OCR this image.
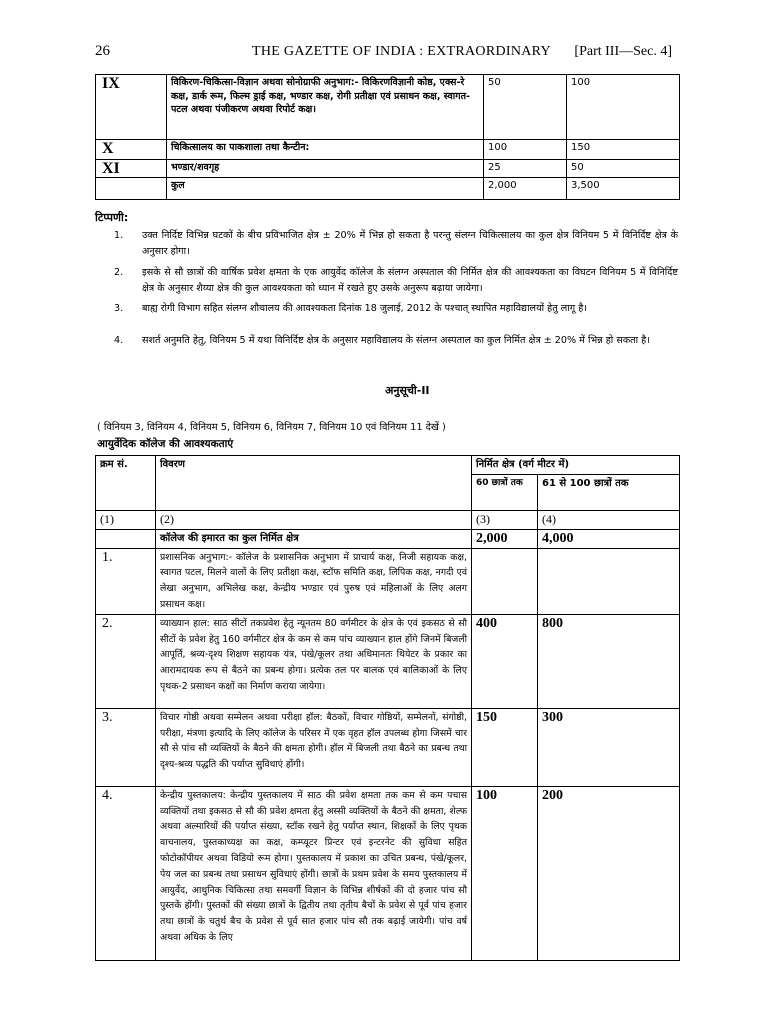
26	THE GAZETTE OF INDIA : EXTRAORDINARY [Part III—Sec. 4]
IX	विकिरण-चिकित्सा-विज्ञान अथवा सोनोग्राफी अनुभाग:- विकिरणविज्ञानी कोष्ठ, एक्स-रे कक्ष, डार्क रूम, फिल्म ड्राई कक्ष, भण्डार कक्ष, रोगी प्रतीक्षा एवं प्रसाधन कक्ष, स्वागत-पटल अथवा पंजीकरण अथवा रिपोर्ट कक्ष।	50	100
X	चिकित्सालय का पाकशाला तथा कैन्टीन:	100	150
XI	भण्डार/शवगृह	25	50
	कुल	2,000	3,500
टिप्पणी:
1. उक्त निर्दिष्ट विभिन्न घटकों के बीच प्रविभाजित क्षेत्र ± 20% में भिन्न हो सकता है परन्तु संलग्न चिकित्सालय का कुल क्षेत्र विनियम 5 में विनिर्दिष्ट क्षेत्र के अनुसार होगा।
2. इसके से सौ छात्रों की वार्षिक प्रवेश क्षमता के एक आयुर्वेद कॉलेज के संलग्न अस्पताल की निर्मित क्षेत्र की आवश्यकता का विघटन विनियम 5 में विनिर्दिष्ट क्षेत्र के अनुसार शैय्या क्षेत्र की कुल आवश्यकता को ध्यान में रखते हुए उसके अनुरूप बढ़ाया जायेगा।
3. बाह्य रोगी विभाग सहित संलग्न शौचालय की आवश्यकता दिनांक 18 जुलाई, 2012 के पश्चात् स्थापित महाविद्यालयों हेतु लागू है।
4. सशर्त अनुमति हेतु, विनियम 5 में यथा विनिर्दिष्ट क्षेत्र के अनुसार महाविद्यालय के संलग्न अस्पताल का कुल निर्मित क्षेत्र ± 20% में भिन्न हो सकता है।
अनुसूची-II
( विनियम 3, विनियम 4, विनियम 5, विनियम 6, विनियम 7, विनियम 10 एवं विनियम 11 देखें )
आयुर्वेदिक कॉलेज की आवश्यकताएं
क्रम सं.	विवरण	निर्मित क्षेत्र (वर्ग मीटर में)	
		60 छात्रों तक	61 से 100 छात्रों तक
(1)	(2)	(3)	(4)
	कॉलेज की इमारत का कुल निर्मित क्षेत्र	2,000	4,000
1.	प्रशासनिक अनुभाग:- कॉलेज के प्रशासनिक अनुभाग में प्राचार्य कक्ष, निजी सहायक कक्ष, स्वागत पटल, मिलने वालों के लिए प्रतीक्षा कक्ष, स्टॉफ समिति कक्ष, लिपिक कक्ष, नगदी एवं लेखा अनुभाग, अभिलेख कक्ष, केन्द्रीय भण्डार एवं पुरुष एवं महिलाओं के लिए अलग प्रसाधन कक्ष।		
2.	व्याख्यान हाल: साठ सीटों तकप्रवेश हेतु न्यूनतम 80 वर्गमीटर के क्षेत्र के एवं इकसठ से सौ सीटों के प्रवेश हेतु 160 वर्गमीटर क्षेत्र के कम से कम पांच व्याख्यान हाल होंगे जिनमें बिजली आपूर्ति, श्रव्य-दृश्य शिक्षण सहायक यंत्र, पंखे/कूलर तथा अधिमानतः थियेटर के प्रकार का आरामदायक रूप से बैठने का प्रबन्ध होगा। प्रत्येक तल पर बालक एवं बालिकाओं के लिए पृथक-2 प्रसाधन कक्षों का निर्माण कराया जायेगा।	400	800
3.	विचार गोष्ठी अथवा सम्मेलन अथवा परीक्षा हॉल: बैठकों, विचार गोष्ठियों, सम्मेलनों, संगोष्ठी, परीक्षा, मंत्रणा इत्यादि के लिए कॉलेज के परिसर में एक वृहत हॉल उपलब्ध होगा जिसमें चार सौ से पांच सौ व्यक्तियों के बैठने की क्षमता होगी। हॉल में बिजली तथा बैठने का प्रबन्ध तथा दृश्य-श्रव्य पद्धति की पर्याप्त सुविधाएं होंगी।	150	300
4.	केन्द्रीय पुस्तकालय: केन्द्रीय पुस्तकालय में साठ की प्रवेश क्षमता तक कम से कम पचास व्यक्तियों तथा इकसठ से सौ की प्रवेश क्षमता हेतु अस्सी व्यक्तियों के बैठने की क्षमता, शेल्फ अथवा अल्मारियों की पर्याप्त संख्या, स्टॉक रखने हेतु पर्याप्त स्थान, शिक्षकों के लिए पृथक वाचनालय, पुस्तकाध्यक्ष का कक्ष, कम्प्यूटर प्रिन्टर एवं इन्टरनेट की सुविधा सहित फोटोकॉपीयर अथवा विडियो रूम होगा। पुस्तकालय में प्रकाश का उचित प्रबन्ध, पंखे/कूलर, पेय जल का प्रबन्ध तथा प्रसाधन सुविधाएं होंगी। छात्रों के प्रथम प्रवेश के समय पुस्तकालय में आयुर्वेद, आधुनिक चिकित्सा तथा समवर्गी विज्ञान के विभिन्न शीर्षकों की दो हजार पांच सौ पुस्तकें होंगी। पुस्तकों की संख्या छात्रों के द्वितीय तथा तृतीय बैचों के प्रवेश से पूर्व पांच हजार तथा छात्रों के चतुर्थ बैच के प्रवेश से पूर्व सात हजार पांच सौ तक बढ़ाई जायेगी। पांच वर्ष अथवा अधिक के लिए	100	200
